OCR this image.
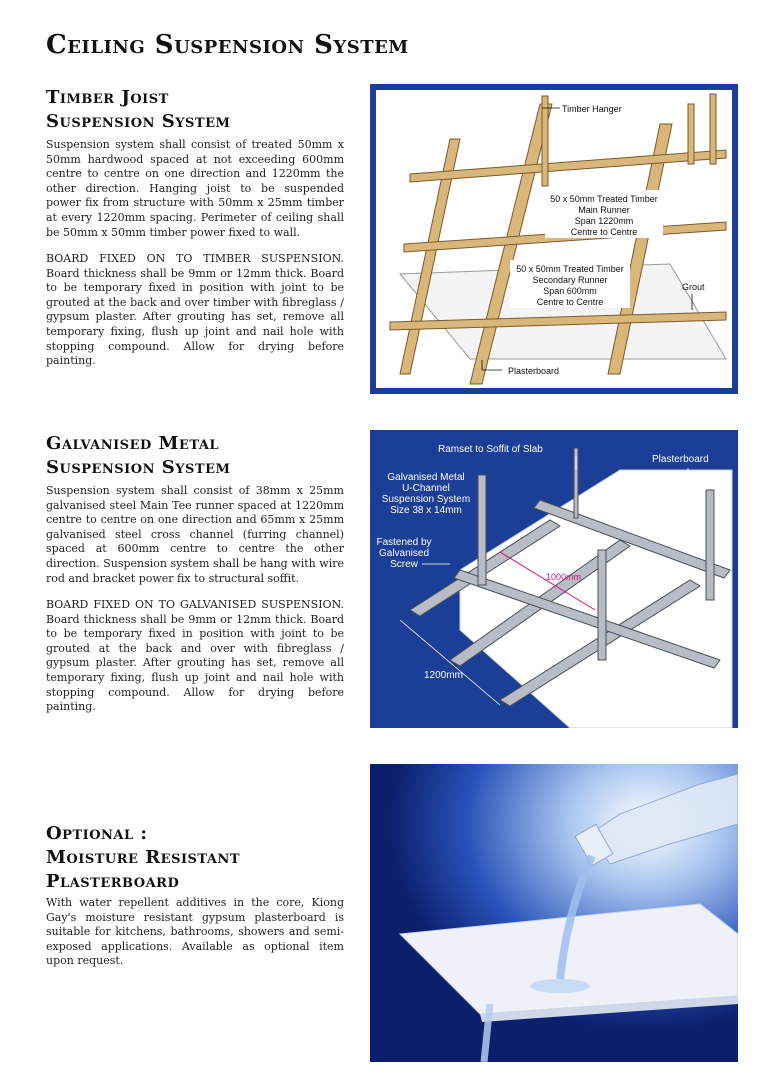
Ceiling Suspension System
Timber Joist
Suspension System

Suspension system shall consist of treated 50mm x 50mm hardwood spaced at not exceeding 600mm centre to centre on one direction and 1220mm the other direction. Hanging joist to be suspended power fix from structure with 50mm x 25mm timber at every 1220mm spacing. Perimeter of ceiling shall be 50mm x 50mm timber power fixed to wall.

BOARD FIXED ON TO TIMBER SUSPENSION. Board thickness shall be 9mm or 12mm thick. Board to be temporary fixed in position with joint to be grouted at the back and over timber with fibreglass / gypsum plaster. After grouting has set, remove all temporary fixing, flush up joint and nail hole with stopping compound. Allow for drying before painting.

Timber Hanger
50 x 50mm Treated Timber
Main Runner
Span 1220mm
Centre to Centre
50 x 50mm Treated Timber
Secondary Runner
Span 600mm
Centre to Centre
Grout
Plasterboard
Galvanised Metal
Suspension System

Suspension system shall consist of 38mm x 25mm galvanised steel Main Tee runner spaced at 1220mm centre to centre on one direction and 65mm x 25mm galvanised steel cross channel (furring channel) spaced at 600mm centre to centre the other direction. Suspension system shall be hang with wire rod and bracket power fix to structural soffit.

BOARD FIXED ON TO GALVANISED SUSPENSION. Board thickness shall be 9mm or 12mm thick. Board to be temporary fixed in position with joint to be grouted at the back and over with fibreglass / gypsum plaster. After grouting has set, remove all temporary fixing, flush up joint and nail hole with stopping compound. Allow for drying before painting.

Ramset to Soffit of Slab
Plasterboard
Galvanised Metal
U-Channel
Suspension System
Size 38 x 14mm
Fastened by
Galvanised
Screw
1000mm
1200mm
450mm
Optional :
Moisture Resistant
Plasterboard

With water repellent additives in the core, Kiong Gay's moisture resistant gypsum plasterboard is suitable for kitchens, bathrooms, showers and semi-exposed applications. Available as optional item upon request.
